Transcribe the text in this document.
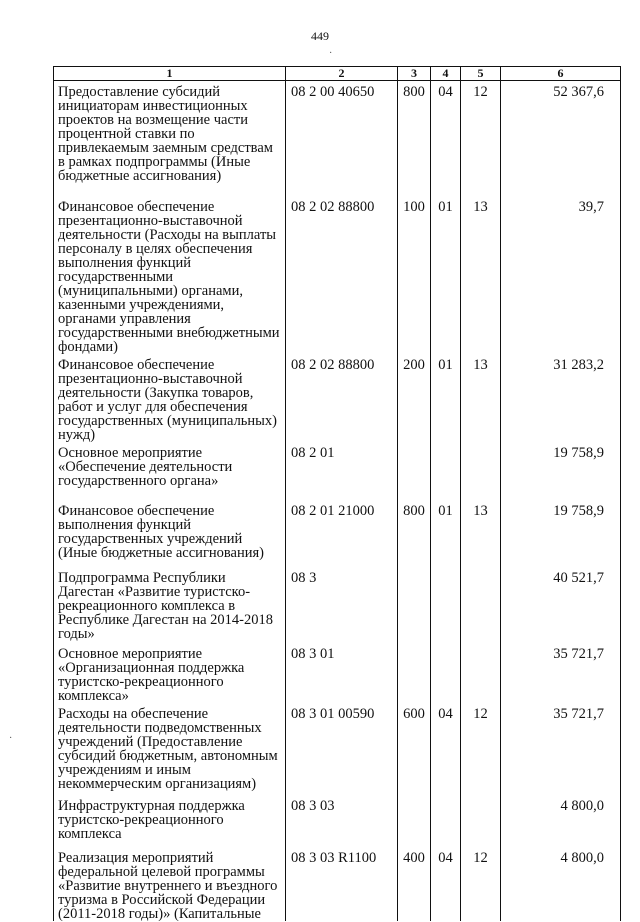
449
·
·
1	2	3	4	5	6
Предоставление субсидий инициаторам инвестиционных проектов на возмещение части процентной ставки по привлекаемым заемным средствам в рамках подпрограммы (Иные бюджетные ассигнования)	08 2 00 40650	800	04	12	52 367,6
Финансовое обеспечение презентационно-выставочной деятельности (Расходы на выплаты персоналу в целях обеспечения выполнения функций государственными (муниципальными) органами, казенными учреждениями, органами управления государственными внебюджетными фондами)	08 2 02 88800	100	01	13	39,7
Финансовое обеспечение презентационно-выставочной деятельности (Закупка товаров, работ и услуг для обеспечения государственных (муниципальных) нужд)	08 2 02 88800	200	01	13	31 283,2
Основное мероприятие «Обеспечение деятельности государственного органа»	08 2 01				19 758,9
Финансовое обеспечение выполнения функций государственных учреждений (Иные бюджетные ассигнования)	08 2 01 21000	800	01	13	19 758,9
Подпрограмма Республики Дагестан «Развитие туристско-рекреационного комплекса в Республике Дагестан на 2014-2018 годы»	08 3				40 521,7
Основное мероприятие «Организационная поддержка туристско-рекреационного комплекса»	08 3 01				35 721,7
Расходы на обеспечение деятельности подведомственных учреждений (Предоставление субсидий бюджетным, автономным учреждениям и иным некоммерческим организациям)	08 3 01 00590	600	04	12	35 721,7
Инфраструктурная поддержка туристско-рекреационного комплекса	08 3 03				4 800,0
Реализация мероприятий федеральной целевой программы «Развитие внутреннего и въездного туризма в Российской Федерации (2011-2018 годы)» (Капитальные	08 3 03 R1100	400	04	12	4 800,0
